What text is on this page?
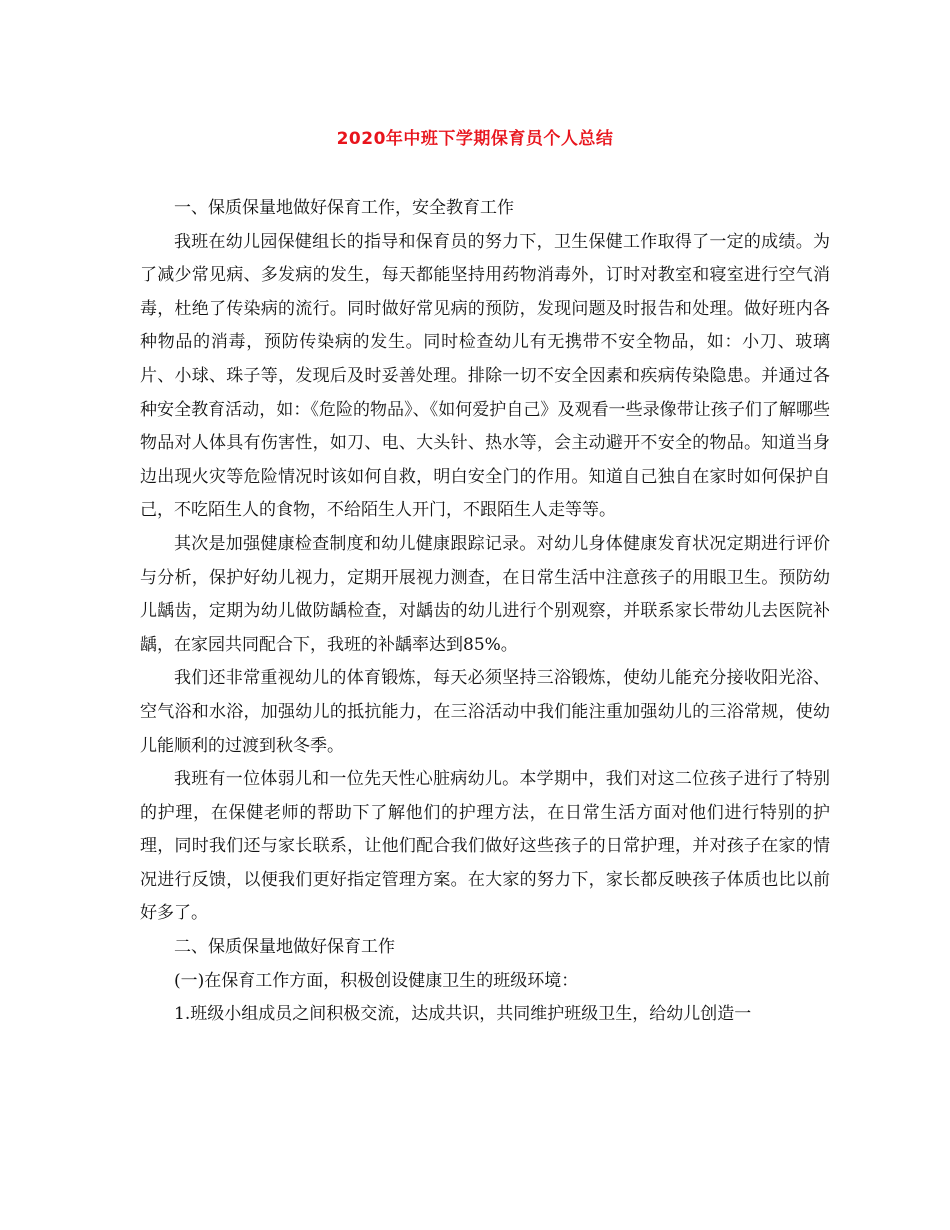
2020年中班下学期保育员个人总结

一、保质保量地做好保育工作，安全教育工作

我班在幼儿园保健组长的指导和保育员的努力下，卫生保健工作取得了一定的成绩。为了减少常见病、多发病的发生，每天都能坚持用药物消毒外，订时对教室和寝室进行空气消毒，杜绝了传染病的流行。同时做好常见病的预防，发现问题及时报告和处理。做好班内各种物品的消毒，预防传染病的发生。同时检查幼儿有无携带不安全物品，如：小刀、玻璃片、小球、珠子等，发现后及时妥善处理。排除一切不安全因素和疾病传染隐患。并通过各种安全教育活动，如：《危险的物品》、《如何爱护自己》及观看一些录像带让孩子们了解哪些物品对人体具有伤害性，如刀、电、大头针、热水等，会主动避开不安全的物品。知道当身边出现火灾等危险情况时该如何自救，明白安全门的作用。知道自己独自在家时如何保护自己，不吃陌生人的食物，不给陌生人开门，不跟陌生人走等等。

其次是加强健康检查制度和幼儿健康跟踪记录。对幼儿身体健康发育状况定期进行评价与分析，保护好幼儿视力，定期开展视力测查，在日常生活中注意孩子的用眼卫生。预防幼儿龋齿，定期为幼儿做防龋检查，对龋齿的幼儿进行个别观察，并联系家长带幼儿去医院补龋，在家园共同配合下，我班的补龋率达到85%。

我们还非常重视幼儿的体育锻炼，每天必须坚持三浴锻炼，使幼儿能充分接收阳光浴、空气浴和水浴，加强幼儿的抵抗能力，在三浴活动中我们能注重加强幼儿的三浴常规，使幼儿能顺利的过渡到秋冬季。

我班有一位体弱儿和一位先天性心脏病幼儿。本学期中，我们对这二位孩子进行了特别的护理，在保健老师的帮助下了解他们的护理方法，在日常生活方面对他们进行特别的护理，同时我们还与家长联系，让他们配合我们做好这些孩子的日常护理，并对孩子在家的情况进行反馈，以便我们更好指定管理方案。在大家的努力下，家长都反映孩子体质也比以前好多了。

二、保质保量地做好保育工作

(一)在保育工作方面，积极创设健康卫生的班级环境：

1.班级小组成员之间积极交流，达成共识，共同维护班级卫生，给幼儿创造一
